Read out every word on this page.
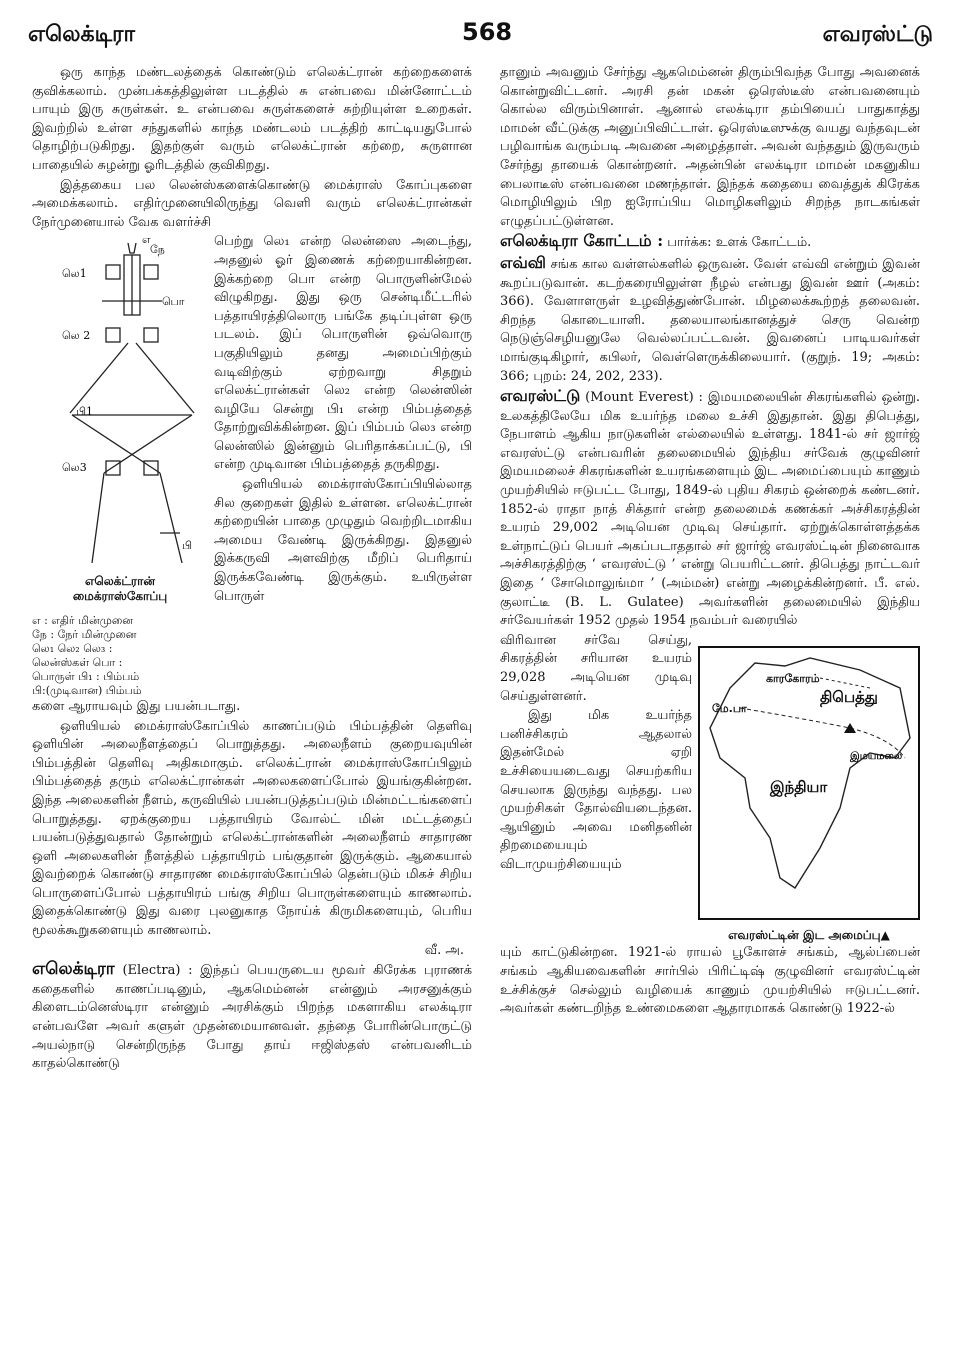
எலெக்டிரா	568	எவரஸ்ட்டு

ஒரு காந்த மண்டலத்தைக் கொண்டும் எலெக்ட்ரான் கற்றைகளைக் குவிக்கலாம். முன்பக்கத்திலுள்ள படத்தில் சு என்பவை மின்னோட்டம் பாயும் இரு சுருள்கள். உ என்பவை சுருள்களைச் சுற்றியுள்ள உறைகள். இவற்றில் உள்ள சந்துகளில் காந்த மண்டலம் படத்திற் காட்டியதுபோல் தொழிற்படுகிறது. இதற்குள் வரும் எலெக்ட்ரான் கற்றை, சுருளான பாதையில் சுழன்று ஓரிடத்தில் குவிகிறது.

இத்தகைய பல லென்ஸ்களைக்கொண்டு மைக்ராஸ் கோப்புகளை அமைக்கலாம். எதிர்முனையிலிருந்து வெளி வரும் எலெக்ட்ரான்கள் நேர்முனையால் வேக வளர்ச்சி

எ
நே
லெ1
பொ
லெ 2
பி1
லெ3
பி
எலெக்ட்ரான்
மைக்ராஸ்கோப்பு
எ : எதிர் மின்முனை
நே : நேர் மின்முனை
லெ₁ லெ₂ லெ₃ :
லென்ஸ்கள் பொ :
பொருள் பி₁ : பிம்பம்
பி:(முடிவான) பிம்பம்

பெற்று லெ₁ என்ற லென்ஸை அடைந்து, அதனுல் ஓர் இணைக் கற்றையாகின்றன. இக்கற்றை பொ என்ற பொருளின்மேல் விழுகிறது. இது ஒரு சென்டிமீட்டரில் பத்தாயிரத்திலொரு பங்கே தடிப்புள்ள ஒரு படலம். இப் பொருளின் ஒவ்வொரு பகுதியிலும் தனது அமைப்பிற்கும் வடிவிற்கும் ஏற்றவாறு சிதறும் எலெக்ட்ரான்கள் லெ₂ என்ற லென்ஸின் வழியே சென்று பி₁ என்ற பிம்பத்தைத் தோற்றுவிக்கின்றன. இப் பிம்பம் லெ₃ என்ற லென்ஸில் இன்னும் பெரிதாக்கப்பட்டு, பி என்ற முடிவான பிம்பத்தைத் தருகிறது.

ஒளியியல் மைக்ராஸ்கோப்பியில்லாத சில குறைகள் இதில் உள்ளன. எலெக்ட்ரான் கற்றையின் பாதை முழுதும் வெற்றிடமாகிய அமைய வேண்டி இருக்கிறது. இதனுல் இக்கருவி அளவிற்கு மீறிப் பெரிதாய் இருக்கவேண்டி இருக்கும். உயிருள்ள பொருள்

களை ஆராயவும் இது பயன்படாது.

ஒளியியல் மைக்ராஸ்கோப்பில் காணப்படும் பிம்பத்தின் தெளிவு ஒளியின் அலைநீளத்தைப் பொறுத்தது. அலைநீளம் குறையவுயின் பிம்பத்தின் தெளிவு அதிகமாகும். எலெக்ட்ரான் மைக்ராஸ்கோப்பிலும் பிம்பத்தைத் தரும் எலெக்ட்ரான்கள் அலைகளைப்போல் இயங்குகின்றன. இந்த அலைகளின் நீளம், கருவியில் பயன்படுத்தப்படும் மின்மட்டங்களைப் பொறுத்தது. ஏறக்குறைய பத்தாயிரம் வோல்ட் மின் மட்டத்தைப் பயன்படுத்துவதால் தோன்றும் எலெக்ட்ரான்களின் அலைநீளம் சாதாரண ஒளி அலைகளின் நீளத்தில் பத்தாயிரம் பங்குதான் இருக்கும். ஆகையால் இவற்றைக் கொண்டு சாதாரண மைக்ராஸ்கோப்பில் தென்படும் மிகச் சிறிய பொருளைப்போல் பத்தாயிரம் பங்கு சிறிய பொருள்களையும் காணலாம். இதைக்கொண்டு இது வரை புலனுகாத நோய்க் கிருமிகளையும், பெரிய மூலக்கூறுகளையும் காணலாம்.

வீ. அ.

எலெக்டிரா (Electra) : இந்தப் பெயருடைய மூவர் கிரேக்க புராணக் கதைகளில் காணப்படினும், ஆகமெம்னன் என்னும் அரசனுக்கும் கிளைடம்னெஸ்டிரா என்னும் அரசிக்கும் பிறந்த மகளாகிய எலக்டிரா என்பவளே அவர் களுள் முதன்மையானவள். தந்தை போரின்பொருட்டு அயல்நாடு சென்றிருந்த போது தாய் ஈஜிஸ்தஸ் என்பவனிடம் காதல்கொண்டு

தானும் அவனும் சேர்ந்து ஆகமெம்னன் திரும்பிவந்த போது அவனைக் கொன்றுவிட்டனர். அரசி தன் மகன் ஒரெஸ்டீஸ் என்பவனையும் கொல்ல விரும்பினாள். ஆனால் எலக்டிரா தம்பியைப் பாதுகாத்து மாமன் வீட்டுக்கு அனுப்பிவிட்டாள். ஒரெஸ்டீஸுக்கு வயது வந்தவுடன் பழிவாங்க வரும்படி அவனை அழைத்தாள். அவன் வந்ததும் இருவரும் சேர்ந்து தாயைக் கொன்றனர். அதன்பின் எலக்டிரா மாமன் மகனுகிய பைலாடீஸ் என்பவனை மணந்தாள். இந்தக் கதையை வைத்துக் கிரேக்க மொழியிலும் பிற ஐரோப்பிய மொழிகளிலும் சிறந்த நாடகங்கள் எழுதப்பட்டுள்ளன.

எலெக்டிரா கோட்டம் : பார்க்க: உளக் கோட்டம்.

எவ்வி சங்க கால வள்ளல்களில் ஒருவன். வேள் எவ்வி என்றும் இவன் கூறப்படுவான். கடற்கரையிலுள்ள நீழல் என்பது இவன் ஊர் (அகம்: 366). வேளாளருள் உழவித்துண்போன். மிழலைக்கூற்றத் தலைவன். சிறந்த கொடையாளி. தலையாலங்கானத்துச் செரு வென்ற நெடுஞ்செழியனுலே வெல்லப்பட்டவன். இவனைப் பாடியவர்கள் மாங்குடிகிழார், கபிலர், வெள்ளெருக்கிலையார். (குறுந். 19; அகம்: 366; புறம்: 24, 202, 233).

எவரஸ்ட்டு (Mount Everest) : இமயமலையின் சிகரங்களில் ஒன்று. உலகத்திலேயே மிக உயர்ந்த மலை உச்சி இதுதான். இது திபெத்து, நேபாளம் ஆகிய நாடுகளின் எல்லையில் உள்ளது. 1841-ல் சர் ஜார்ஜ் எவரஸ்ட்டு என்பவரின் தலைமையில் இந்திய சர்வேக் குழுவினர் இமயமலைச் சிகரங்களின் உயரங்களையும் இட அமைப்பையும் காணும் முயற்சியில் ஈடுபட்ட போது, 1849-ல் புதிய சிகரம் ஒன்றைக் கண்டனர். 1852-ல் ராதா நாத் சிக்தார் என்ற தலைமைக் கணக்கர் அச்சிகரத்தின் உயரம் 29,002 அடியென முடிவு செய்தார். ஏற்றுக்கொள்ளத்தக்க உள்நாட்டுப் பெயர் அகப்படாததால் சர் ஜார்ஜ் எவரஸ்ட்டின் நினைவாக அச்சிகரத்திற்கு ‘ எவரஸ்ட்டு ’ என்று பெயரிட்டனர். திபெத்து நாட்டவர் இதை ‘ சோமொலுங்மா ’ (அம்மன்) என்று அழைக்கின்றனர். பீ. எல். குலாட்டீ (B. L. Gulatee) அவர்களின் தலைமையில் இந்திய சர்வேயர்கள் 1952 முதல் 1954 நவம்பர் வரையில்

விரிவான சர்வே செய்து, சிகரத்தின் சரியான உயரம் 29,028 அடியென முடிவு செய்துள்ளனர்.

இது மிக உயர்ந்த பனிச்சிகரம் ஆதலால் இதன்மேல் ஏறி உச்சியையடைவது செயற்கரிய செயலாக இருந்து வந்தது. பல முயற்சிகள் தோல்வியடைந்தன. ஆயினும் அவை மனிதனின் திறமையையும் விடாமுயற்சியையும்

திபெத்து
காரகோரம்
மே.பா
இமயமலை
இந்தியா
எவரஸ்ட்டின் இட அமைப்பு▲

யும் காட்டுகின்றன. 1921-ல் ராயல் பூகோளச் சங்கம், ஆல்ப்பைன் சங்கம் ஆகியவைகளின் சார்பில் பிரிட்டிஷ் குழுவினர் எவரஸ்ட்டின் உச்சிக்குச் செல்லும் வழியைக் காணும் முயற்சியில் ஈடுபட்டனர். அவர்கள் கண்டறிந்த உண்மைகளை ஆதாரமாகக் கொண்டு 1922-ல்
